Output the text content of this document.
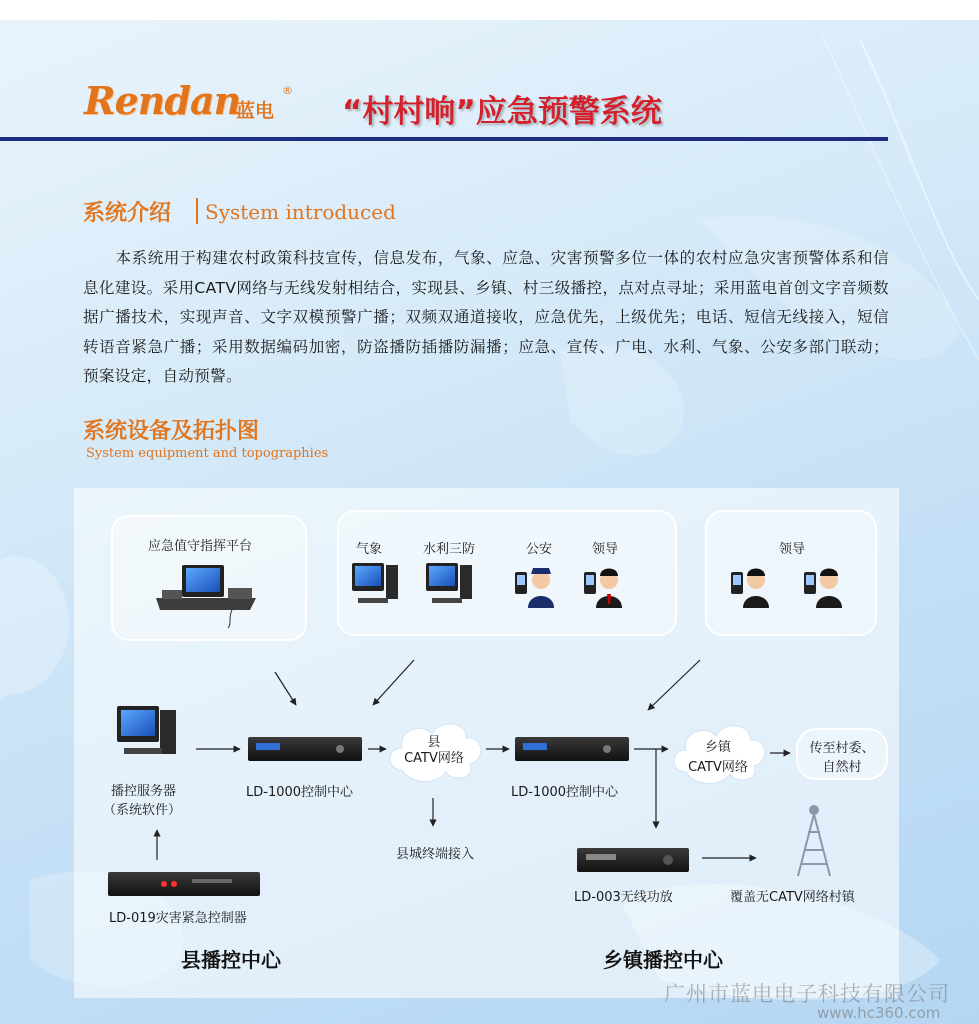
Rendan
蓝电
®
“村村响”应急预警系统
系统介绍 System introduced

本系统用于构建农村政策科技宣传，信息发布，气象、应急、灾害预警多位一体的农村应急灾害预警体系和信息化建设。采用CATV网络与无线发射相结合，实现县、乡镇、村三级播控，点对点寻址；采用蓝电首创文字音频数据广播技术，实现声音、文字双模预警广播；双频双通道接收，应急优先，上级优先；电话、短信无线接入，短信转语音紧急广播；采用数据编码加密，防盗播防插播防漏播；应急、宣传、广电、水利、气象、公安多部门联动；预案设定，自动预警。

系统设备及拓扑图
System equipment and topographies
应急值守指挥平台	气象	水利三防	公安	领导	领导
播控服务器
（系统软件）
LD-1000控制中心	LD-1000控制中心
县
CATV网络
乡镇
CATV网络
传至村委、
自然村
县城终端接入
LD-019灾害紧急控制器
LD-003无线功放	覆盖无CATV网络村镇
县播控中心	乡镇播控中心
广州市蓝电电子科技有限公司
www.hc360.com
